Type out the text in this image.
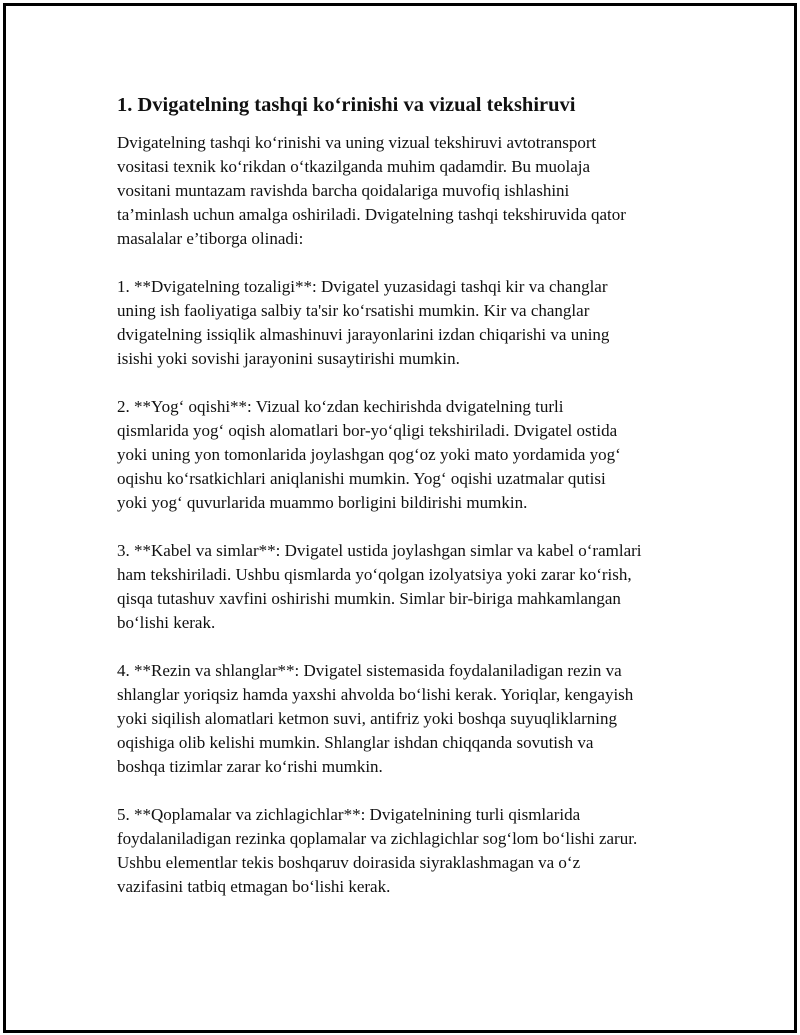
1. Dvigatelning tashqi ko‘rinishi va vizual tekshiruvi
Dvigatelning tashqi ko‘rinishi va uning vizual tekshiruvi avtotransport
vositasi texnik ko‘rikdan o‘tkazilganda muhim qadamdir. Bu muolaja
vositani muntazam ravishda barcha qoidalariga muvofiq ishlashini
ta’minlash uchun amalga oshiriladi. Dvigatelning tashqi tekshiruvida qator
masalalar e’tiborga olinadi:
1. **Dvigatelning tozaligi**: Dvigatel yuzasidagi tashqi kir va changlar
uning ish faoliyatiga salbiy ta'sir ko‘rsatishi mumkin. Kir va changlar
dvigatelning issiqlik almashinuvi jarayonlarini izdan chiqarishi va uning
isishi yoki sovishi jarayonini susaytirishi mumkin.
2. **Yog‘ oqishi**: Vizual ko‘zdan kechirishda dvigatelning turli
qismlarida yog‘ oqish alomatlari bor-yo‘qligi tekshiriladi. Dvigatel ostida
yoki uning yon tomonlarida joylashgan qog‘oz yoki mato yordamida yog‘
oqishu ko‘rsatkichlari aniqlanishi mumkin. Yog‘ oqishi uzatmalar qutisi
yoki yog‘ quvurlarida muammo borligini bildirishi mumkin.
3. **Kabel va simlar**: Dvigatel ustida joylashgan simlar va kabel o‘ramlari
ham tekshiriladi. Ushbu qismlarda yo‘qolgan izolyatsiya yoki zarar ko‘rish,
qisqa tutashuv xavfini oshirishi mumkin. Simlar bir-biriga mahkamlangan
bo‘lishi kerak.
4. **Rezin va shlanglar**: Dvigatel sistemasida foydalaniladigan rezin va
shlanglar yoriqsiz hamda yaxshi ahvolda bo‘lishi kerak. Yoriqlar, kengayish
yoki siqilish alomatlari ketmon suvi, antifriz yoki boshqa suyuqliklarning
oqishiga olib kelishi mumkin. Shlanglar ishdan chiqqanda sovutish va
boshqa tizimlar zarar ko‘rishi mumkin.
5. **Qoplamalar va zichlagichlar**: Dvigatelnining turli qismlarida
foydalaniladigan rezinka qoplamalar va zichlagichlar sog‘lom bo‘lishi zarur.
Ushbu elementlar tekis boshqaruv doirasida siyraklashmagan va o‘z
vazifasini tatbiq etmagan bo‘lishi kerak.
